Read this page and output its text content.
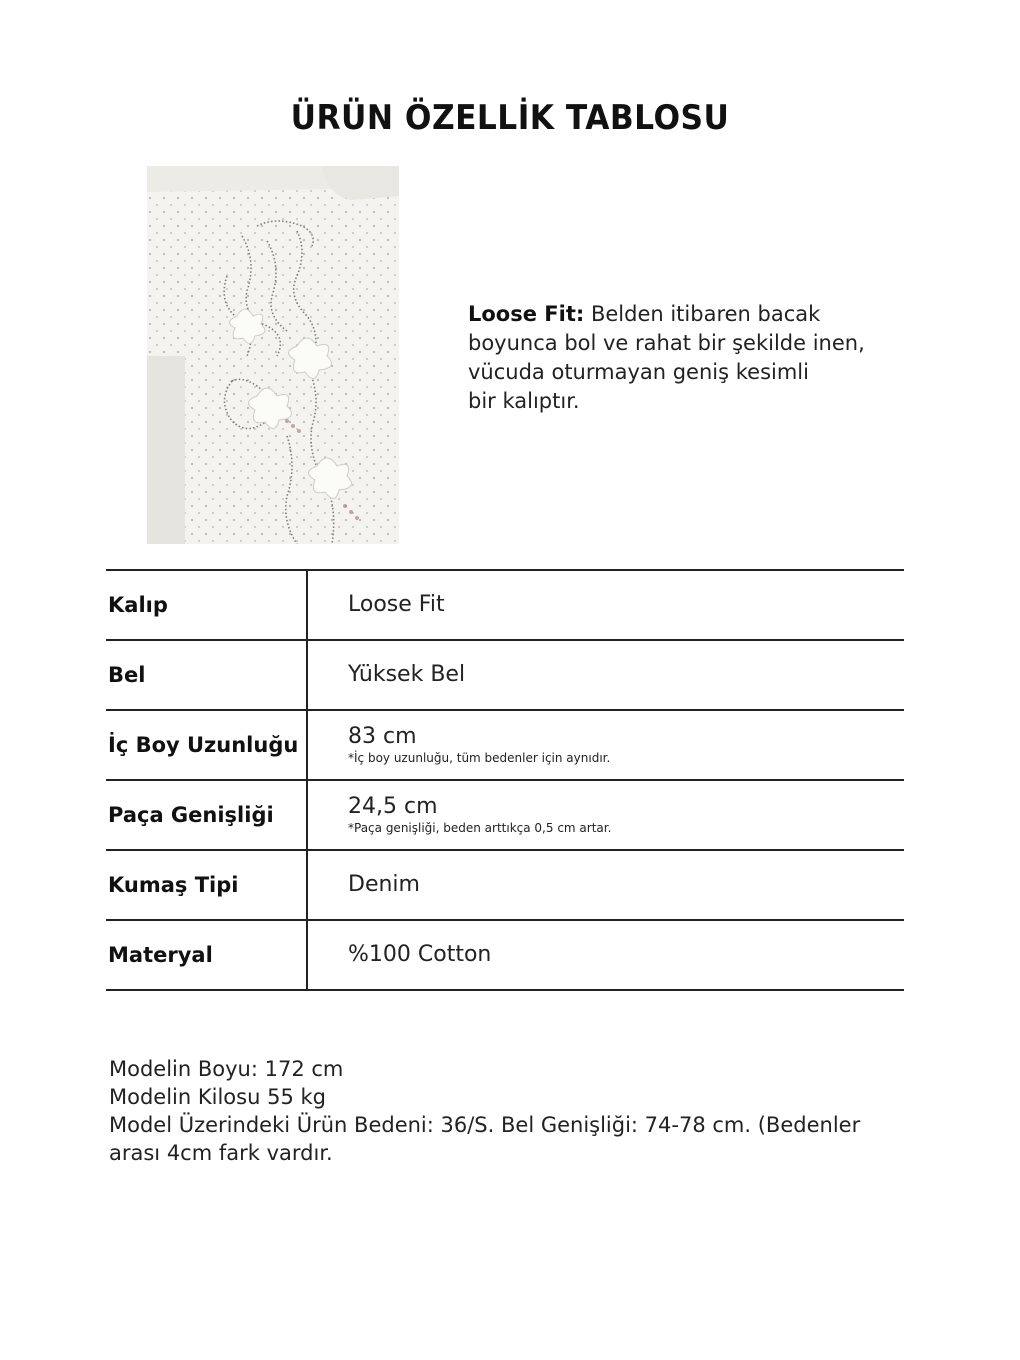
ÜRÜN ÖZELLİK TABLOSU
Loose Fit: Belden itibaren bacak
boyunca bol ve rahat bir şekilde inen,
vücuda oturmayan geniş kesimli
bir kalıptır.
Kalıp	Loose Fit
Bel	Yüksek Bel
İç Boy Uzunluğu	83 cm
*İç boy uzunluğu, tüm bedenler için aynıdır.
Paça Genişliği	24,5 cm
*Paça genişliği, beden arttıkça 0,5 cm artar.
Kumaş Tipi	Denim
Materyal	%100 Cotton
Modelin Boyu: 172 cm
Modelin Kilosu 55 kg
Model Üzerindeki Ürün Bedeni: 36/S. Bel Genişliği: 74-78 cm. (Bedenler
arası 4cm fark vardır.
